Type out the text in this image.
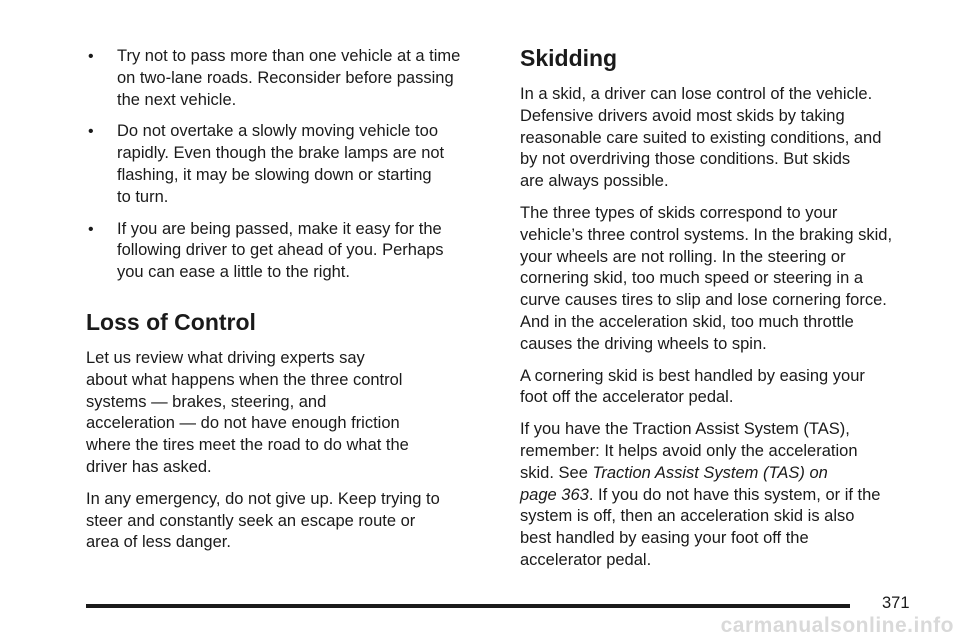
• Try not to pass more than one vehicle at a time
on two-lane roads. Reconsider before passing
the next vehicle.
• Do not overtake a slowly moving vehicle too
rapidly. Even though the brake lamps are not
flashing, it may be slowing down or starting
to turn.
• If you are being passed, make it easy for the
following driver to get ahead of you. Perhaps
you can ease a little to the right.
Loss of Control

Let us review what driving experts say
about what happens when the three control
systems — brakes, steering, and
acceleration — do not have enough friction
where the tires meet the road to do what the
driver has asked.

In any emergency, do not give up. Keep trying to
steer and constantly seek an escape route or
area of less danger.

Skidding

In a skid, a driver can lose control of the vehicle.
Defensive drivers avoid most skids by taking
reasonable care suited to existing conditions, and
by not overdriving those conditions. But skids
are always possible.

The three types of skids correspond to your
vehicle’s three control systems. In the braking skid,
your wheels are not rolling. In the steering or
cornering skid, too much speed or steering in a
curve causes tires to slip and lose cornering force.
And in the acceleration skid, too much throttle
causes the driving wheels to spin.

A cornering skid is best handled by easing your
foot off the accelerator pedal.

If you have the Traction Assist System (TAS),
remember: It helps avoid only the acceleration
skid. See Traction Assist System (TAS) on
page 363. If you do not have this system, or if the
system is off, then an acceleration skid is also
best handled by easing your foot off the
accelerator pedal.

371
carmanualsonline.info
